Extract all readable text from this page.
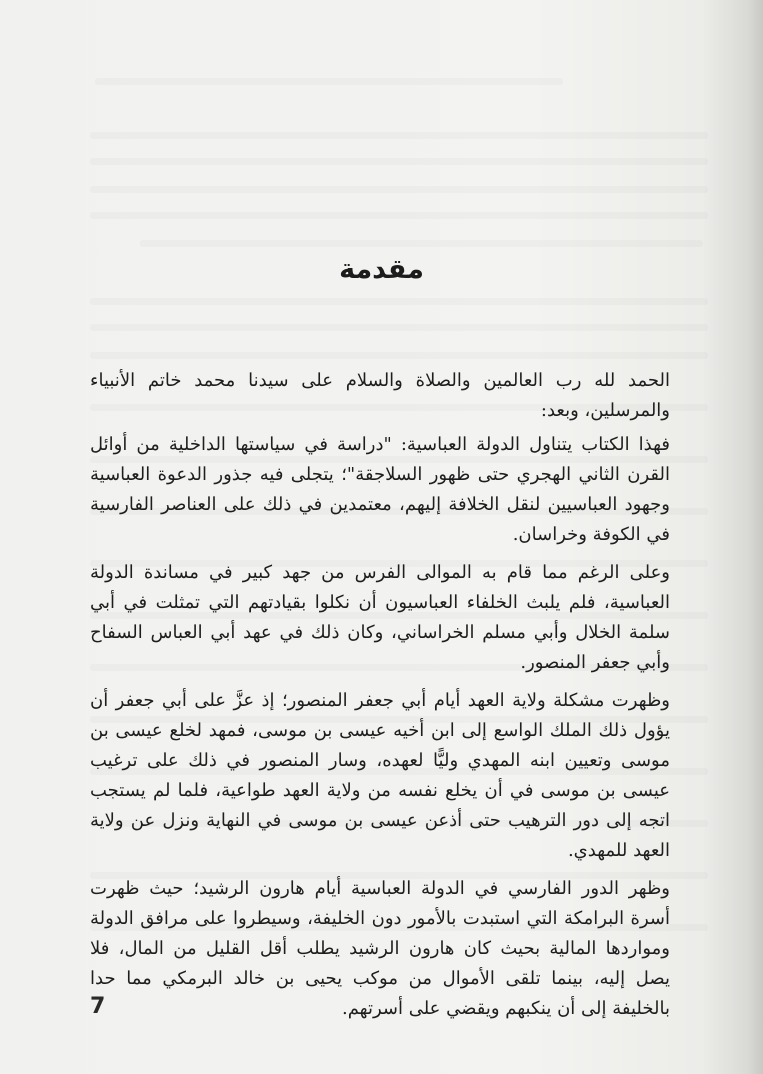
مقدمة

الحمد لله رب العالمين والصلاة والسلام على سيدنا محمد خاتم الأنبياء والمرسلين، وبعد:

فهذا الكتاب يتناول الدولة العباسية: "دراسة في سياستها الداخلية من أوائل القرن الثاني الهجري حتى ظهور السلاجقة"؛ يتجلى فيه جذور الدعوة العباسية وجهود العباسيين لنقل الخلافة إليهم، معتمدين في ذلك على العناصر الفارسية في الكوفة وخراسان.

وعلى الرغم مما قام به الموالى الفرس من جهد كبير في مساندة الدولة العباسية، فلم يلبث الخلفاء العباسيون أن نكلوا بقيادتهم التي تمثلت في أبي سلمة الخلال وأبي مسلم الخراساني، وكان ذلك في عهد أبي العباس السفاح وأبي جعفر المنصور.

وظهرت مشكلة ولاية العهد أيام أبي جعفر المنصور؛ إذ عزَّ على أبي جعفر أن يؤول ذلك الملك الواسع إلى ابن أخيه عيسى بن موسى، فمهد لخلع عيسى بن موسى وتعيين ابنه المهدي وليًّا لعهده، وسار المنصور في ذلك على ترغيب عيسى بن موسى في أن يخلع نفسه من ولاية العهد طواعية، فلما لم يستجب اتجه إلى دور الترهيب حتى أذعن عيسى بن موسى في النهاية ونزل عن ولاية العهد للمهدي.

وظهر الدور الفارسي في الدولة العباسية أيام هارون الرشيد؛ حيث ظهرت أسرة البرامكة التي استبدت بالأمور دون الخليفة، وسيطروا على مرافق الدولة ومواردها المالية بحيث كان هارون الرشيد يطلب أقل القليل من المال، فلا يصل إليه، بينما تلقى الأموال من موكب يحيى بن خالد البرمكي مما حدا بالخليفة إلى أن ينكبهم ويقضي على أسرتهم.

7
